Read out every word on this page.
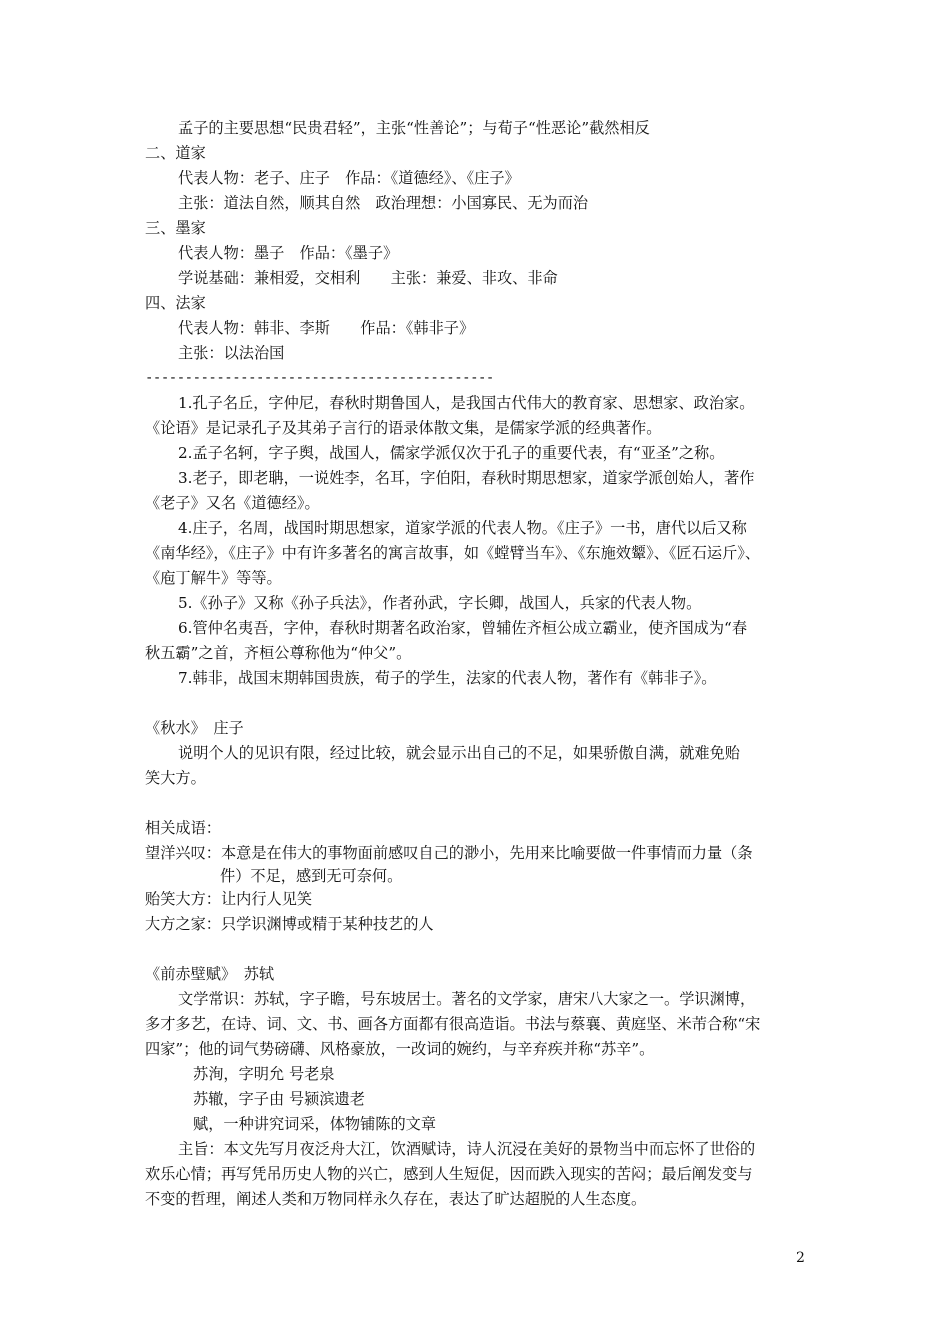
孟子的主要思想“民贵君轻”，主张“性善论”；与荀子“性恶论”截然相反
二、道家
代表人物：老子、庄子　作品：《道德经》、《庄子》
主张：道法自然，顺其自然　政治理想：小国寡民、无为而治
三、墨家
代表人物：墨子　作品：《墨子》
学说基础：兼相爱，交相利　　主张：兼爱、非攻、非命
四、法家
代表人物：韩非、李斯　　作品：《韩非子》
主张：以法治国
--------------------------------------------
1.孔子名丘，字仲尼，春秋时期鲁国人，是我国古代伟大的教育家、思想家、政治家。
《论语》是记录孔子及其弟子言行的语录体散文集，是儒家学派的经典著作。
2.孟子名轲，字子舆，战国人，儒家学派仅次于孔子的重要代表，有“亚圣”之称。
3.老子，即老聃，一说姓李，名耳，字伯阳，春秋时期思想家，道家学派创始人，著作
《老子》又名《道德经》。
4.庄子，名周，战国时期思想家，道家学派的代表人物。《庄子》一书，唐代以后又称
《南华经》，《庄子》中有许多著名的寓言故事，如《螳臂当车》、《东施效颦》、《匠石运斤》、
《庖丁解牛》等等。
5.《孙子》又称《孙子兵法》，作者孙武，字长卿，战国人，兵家的代表人物。
6.管仲名夷吾，字仲，春秋时期著名政治家，曾辅佐齐桓公成立霸业，使齐国成为“春
秋五霸”之首，齐桓公尊称他为“仲父”。
7.韩非，战国末期韩国贵族，荀子的学生，法家的代表人物，著作有《韩非子》。
《秋水》　庄子
说明个人的见识有限，经过比较，就会显示出自己的不足，如果骄傲自满，就难免贻
笑大方。
相关成语：
望洋兴叹：本意是在伟大的事物面前感叹自己的渺小，先用来比喻要做一件事情而力量（条
件）不足，感到无可奈何。
贻笑大方：让内行人见笑
大方之家：只学识渊博或精于某种技艺的人
《前赤壁赋》　苏轼
文学常识：苏轼，字子瞻，号东坡居士。著名的文学家，唐宋八大家之一。学识渊博，
多才多艺，在诗、词、文、书、画各方面都有很高造诣。书法与蔡襄、黄庭坚、米芾合称“宋
四家”；他的词气势磅礴、风格豪放，一改词的婉约，与辛弃疾并称“苏辛”。
苏洵，字明允 号老泉
苏辙，字子由 号颍滨遗老
赋，一种讲究词采，体物铺陈的文章
主旨：本文先写月夜泛舟大江，饮酒赋诗，诗人沉浸在美好的景物当中而忘怀了世俗的
欢乐心情；再写凭吊历史人物的兴亡，感到人生短促，因而跌入现实的苦闷；最后阐发变与
不变的哲理，阐述人类和万物同样永久存在，表达了旷达超脱的人生态度。
2
